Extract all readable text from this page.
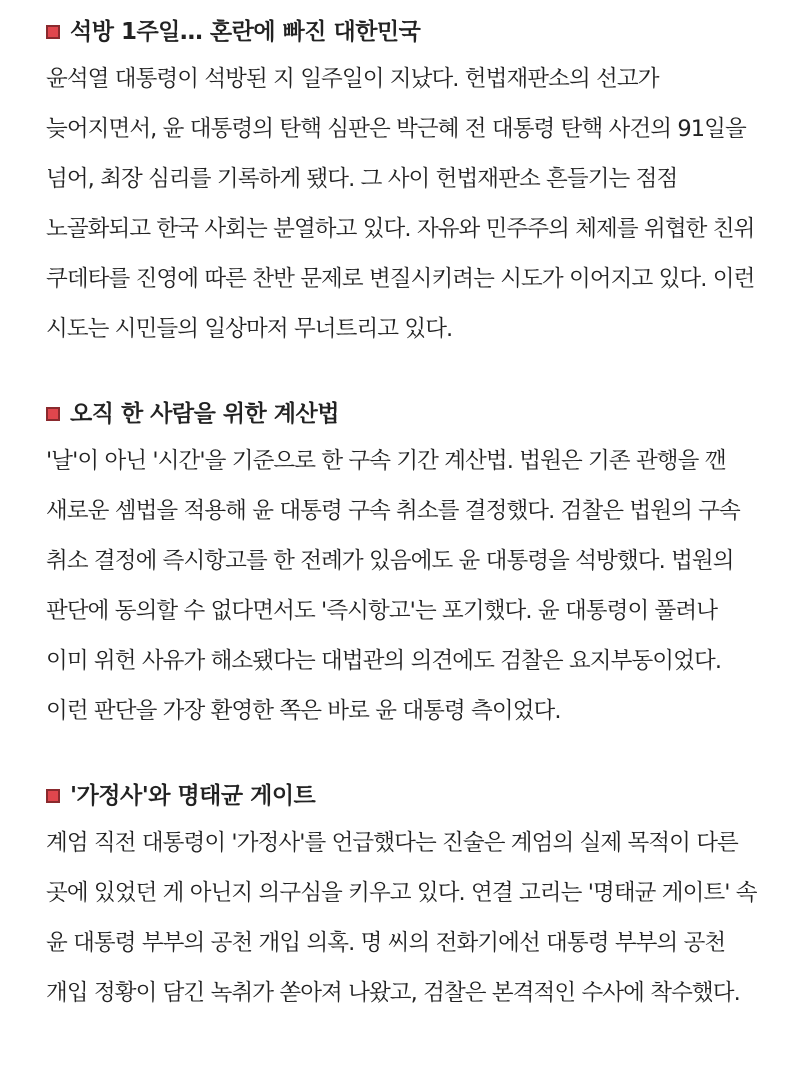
석방 1주일… 혼란에 빠진 대한민국

윤석열 대통령이 석방된 지 일주일이 지났다. 헌법재판소의 선고가 늦어지면서, 윤 대통령의 탄핵 심판은 박근혜 전 대통령 탄핵 사건의 91일을 넘어, 최장 심리를 기록하게 됐다. 그 사이 헌법재판소 흔들기는 점점 노골화되고 한국 사회는 분열하고 있다. 자유와 민주주의 체제를 위협한 친위 쿠데타를 진영에 따른 찬반 문제로 변질시키려는 시도가 이어지고 있다. 이런 시도는 시민들의 일상마저 무너트리고 있다.

오직 한 사람을 위한 계산법

'날'이 아닌 '시간'을 기준으로 한 구속 기간 계산법. 법원은 기존 관행을 깬 새로운 셈법을 적용해 윤 대통령 구속 취소를 결정했다. 검찰은 법원의 구속 취소 결정에 즉시항고를 한 전례가 있음에도 윤 대통령을 석방했다. 법원의 판단에 동의할 수 없다면서도 '즉시항고'는 포기했다. 윤 대통령이 풀려나 이미 위헌 사유가 해소됐다는 대법관의 의견에도 검찰은 요지부동이었다. 이런 판단을 가장 환영한 쪽은 바로 윤 대통령 측이었다.

'가정사'와 명태균 게이트

계엄 직전 대통령이 '가정사'를 언급했다는 진술은 계엄의 실제 목적이 다른 곳에 있었던 게 아닌지 의구심을 키우고 있다. 연결 고리는 '명태균 게이트' 속 윤 대통령 부부의 공천 개입 의혹. 명 씨의 전화기에선 대통령 부부의 공천 개입 정황이 담긴 녹취가 쏟아져 나왔고, 검찰은 본격적인 수사에 착수했다.
